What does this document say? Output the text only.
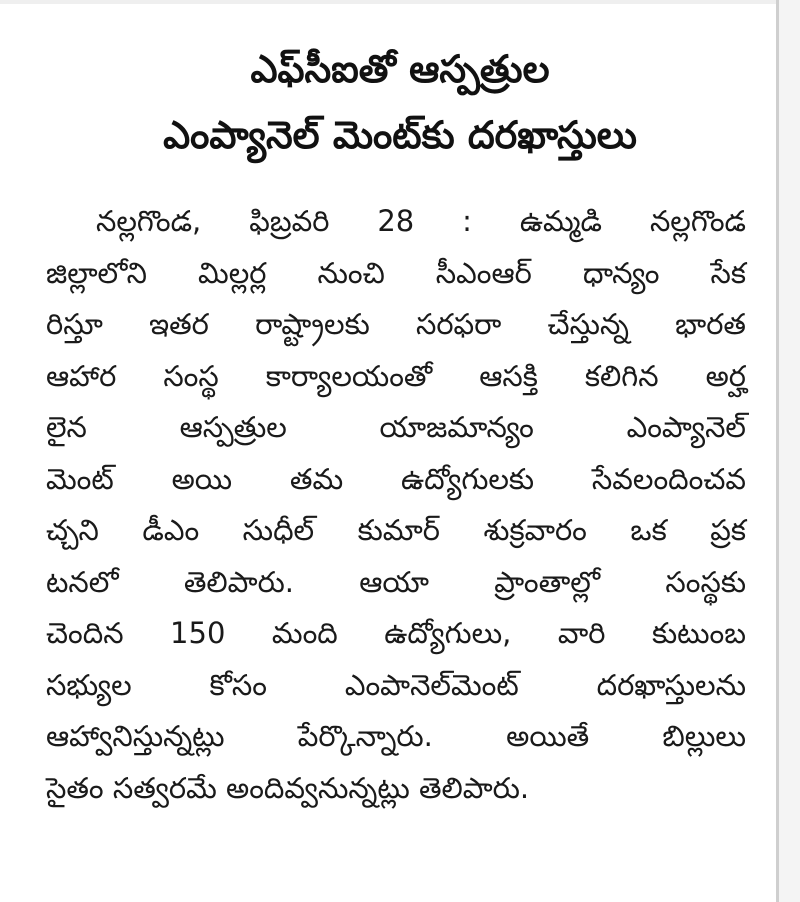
ఎఫ్‌సీఐతో ఆస్పత్రుల
ఎంప్యానెల్ మెంట్‌కు దరఖాస్తులు
నల్లగొండ, ఫిబ్రవరి 28 : ఉమ్మడి నల్లగొండ
జిల్లాలోని మిల్లర్ల నుంచి సీఎంఆర్ ధాన్యం సేక
రిస్తూ ఇతర రాష్ట్రాలకు సరఫరా చేస్తున్న భారత
ఆహార సంస్థ కార్యాలయంతో ఆసక్తి కలిగిన అర్హ
లైన ఆస్పత్రుల యాజమాన్యం ఎంప్యానెల్
మెంట్ అయి తమ ఉద్యోగులకు సేవలందించవ
చ్చని డీఎం సుధీల్ కుమార్ శుక్రవారం ఒక ప్రక
టనలో తెలిపారు. ఆయా ప్రాంతాల్లో సంస్థకు
చెందిన 150 మంది ఉద్యోగులు, వారి కుటుంబ
సభ్యుల కోసం ఎంపానెల్‌మెంట్ దరఖాస్తులను
ఆహ్వానిస్తున్నట్లు పేర్కొన్నారు. అయితే బిల్లులు
సైతం సత్వరమే అందివ్వనున్నట్లు తెలిపారు.
